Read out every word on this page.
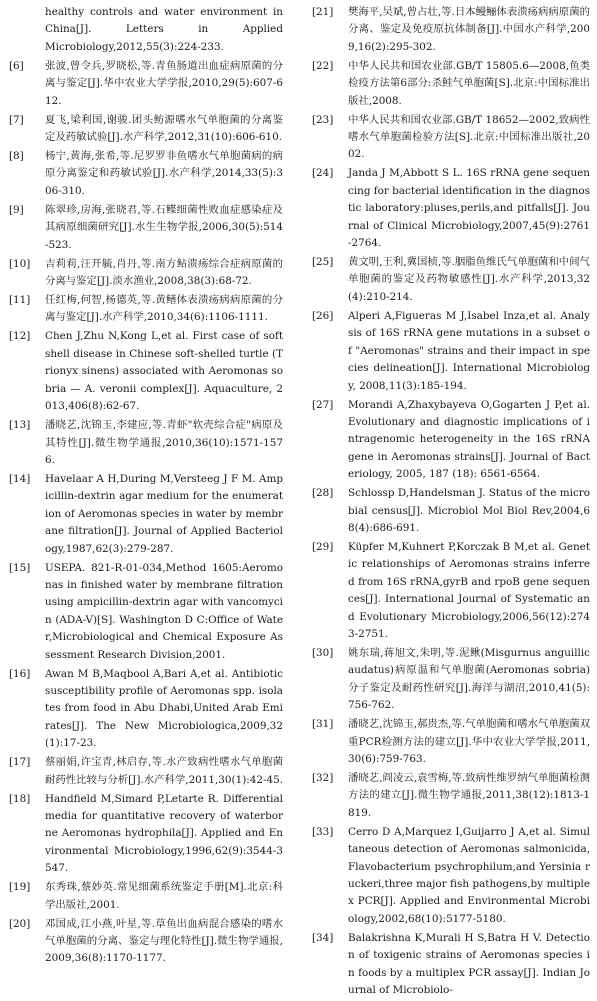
healthy controls and water environment in China[J]. Letters in Applied Microbiology,2012,55(3):224-233.
[6]	张波,曾令兵,罗晓松,等.青鱼肠道出血症病原菌的分离与鉴定[J].华中农业大学学报,2010,29(5):607-612.
[7]	夏飞,梁利国,谢骏.团头鲂源嗜水气单胞菌的分离鉴定及药敏试验[J].水产科学,2012,31(10):606-610.
[8]	杨宁,黄海,张希,等.尼罗罗非鱼嗜水气单胞菌病的病原分离鉴定和药敏试验[J].水产科学,2014,33(5):306-310.
[9]	陈翠珍,房海,张晓君,等.石鲽细菌性败血症感染症及其病原细菌研究[J].水生生物学报,2006,30(5):514-523.
[10]	吉莉莉,汪开毓,肖丹,等.南方鲇溃疡综合症病原菌的分离与鉴定[J].淡水渔业,2008,38(3):68-72.
[11]	任红梅,何智,杨德英,等.黄鳝体表溃疡病病原菌的分离与鉴定[J].水产科学,2010,34(6):1106-1111.
[12]	Chen J,Zhu N,Kong L,et al. First case of soft shell disease in Chinese soft-shelled turtle (Trionyx sinens) associated with Aeromonas sobria — A. veronii complex[J]. Aquaculture, 2013,406(8):62-67.
[13]	潘晓艺,沈锦玉,李建应,等.青虾"软壳综合症"病原及其特性[J].微生物学通报,2010,36(10):1571-1576.
[14]	Havelaar A H,During M,Versteeg J F M. Ampicillin-dextrin agar medium for the enumeration of Aeromonas species in water by membrane filtration[J]. Journal of Applied Bacteriology,1987,62(3):279-287.
[15]	USEPA. 821-R-01-034,Method 1605:Aeromonas in finished water by membrane filtration using ampicillin-dextrin agar with vancomycin (ADA-V)[S]. Washington D C:Office of Water,Microbiological and Chemical Exposure Assessment Research Division,2001.
[16]	Awan M B,Maqbool A,Bari A,et al. Antibiotic susceptibility profile of Aeromonas spp. isolates from food in Abu Dhabi,United Arab Emirates[J]. The New Microbiologica,2009,32(1):17-23.
[17]	蔡丽娟,许宝青,林启存,等.水产致病性嗜水气单胞菌耐药性比较与分析[J].水产科学,2011,30(1):42-45.
[18]	Handfield M,Simard P,Letarte R. Differential media for quantitative recovery of waterborne Aeromonas hydrophila[J]. Applied and Environmental Microbiology,1996,62(9):3544-3547.
[19]	东秀珠,蔡妙英.常见细菌系统鉴定手册[M].北京:科学出版社,2001.
[20]	邓国成,江小燕,叶星,等.草鱼出血病混合感染的嗜水气单胞菌的分离、鉴定与理化特性[J].微生物学通报,2009,36(8):1170-1177.
[21]	樊海平,吴斌,曾占壮,等.日本鳗鲡体表溃疡病病原菌的分离、鉴定及免疫原抗体制备[J].中国水产科学,2009,16(2):295-302.
[22]	中华人民共和国农业部.GB/T 15805.6—2008,鱼类检疫方法第6部分:杀鲑气单胞菌[S].北京:中国标准出版社,2008.
[23]	中华人民共和国农业部.GB/T 18652—2002,致病性嗜水气单胞菌检验方法[S].北京:中国标准出版社,2002.
[24]	Janda J M,Abbott S L. 16S rRNA gene sequencing for bacterial identification in the diagnostic laboratory:pluses,perils,and pitfalls[J]. Journal of Clinical Microbiology,2007,45(9):2761-2764.
[25]	黄文明,王利,冀国桢,等.胭脂鱼维氏气单胞菌和中间气单胞菌的鉴定及药物敏感性[J].水产科学,2013,32(4):210-214.
[26]	Alperi A,Figueras M J,Isabel Inza,et al. Analysis of 16S rRNA gene mutations in a subset of "Aeromonas" strains and their impact in species delineation[J]. International Microbiology, 2008,11(3):185-194.
[27]	Morandi A,Zhaxybayeva O,Gogarten J P,et al. Evolutionary and diagnostic implications of intragenomic heterogeneity in the 16S rRNA gene in Aeromonas strains[J]. Journal of Bacteriology, 2005, 187 (18): 6561-6564.
[28]	Schlossp D,Handelsman J. Status of the microbial census[J]. Microbiol Mol Biol Rev,2004,68(4):686-691.
[29]	Küpfer M,Kuhnert P,Korczak B M,et al. Genetic relationships of Aeromonas strains inferred from 16S rRNA,gyrB and rpoB gene sequences[J]. International Journal of Systematic and Evolutionary Microbiology,2006,56(12):2743-2751.
[30]	姚东瑞,蒋旭文,朱明,等.泥鳅(Misgurnus anguillicaudatus)病原温和气单胞菌(Aeromonas sobria)分子鉴定及耐药性研究[J].海洋与湖沼,2010,41(5):756-762.
[31]	潘晓艺,沈锦玉,郝贵杰,等.气单胞菌和嗜水气单胞菌双重PCR检测方法的建立[J].华中农业大学学报,2011,30(6):759-763.
[32]	潘晓艺,阎凌云,袁雪梅,等.致病性维罗纳气单胞菌检测方法的建立[J].微生物学通报,2011,38(12):1813-1819.
[33]	Cerro D A,Marquez I,Guijarro J A,et al. Simultaneous detection of Aeromonas salmonicida,Flavobacterium psychrophilum,and Yersinia ruckeri,three major fish pathogens,by multiplex PCR[J]. Applied and Environmental Microbiology,2002,68(10):5177-5180.
[34]	Balakrishna K,Murali H S,Batra H V. Detection of toxigenic strains of Aeromonas species in foods by a multiplex PCR assay[J]. Indian Journal of Microbiolo-
